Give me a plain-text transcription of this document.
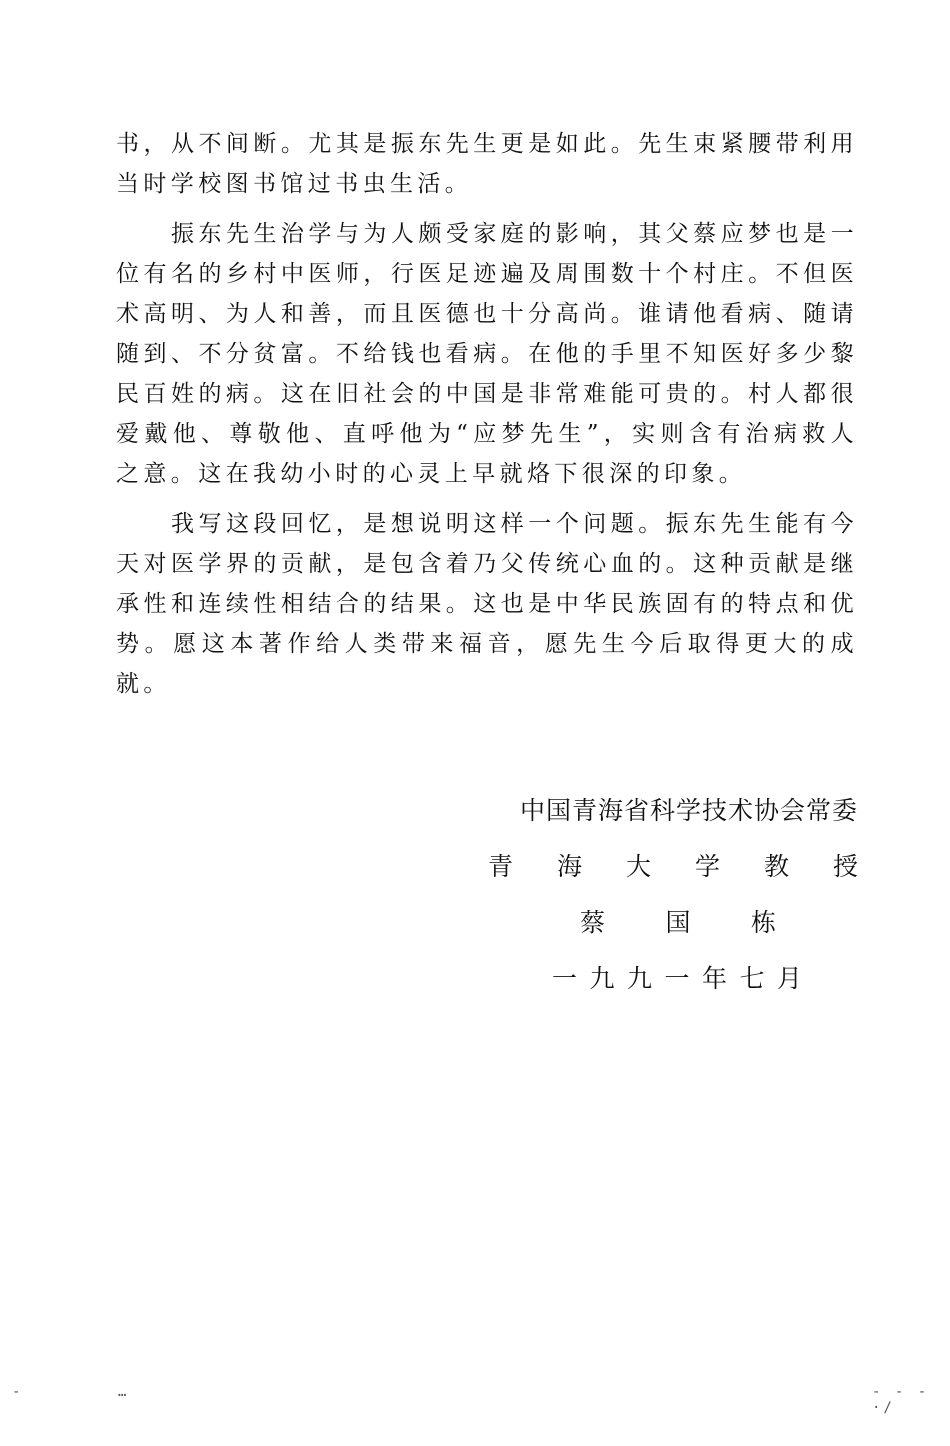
书，从不间断。尤其是振东先生更是如此。先生束紧腰带利用当时学校图书馆过书虫生活。

振东先生治学与为人颇受家庭的影响，其父蔡应梦也是一位有名的乡村中医师，行医足迹遍及周围数十个村庄。不但医术高明、为人和善，而且医德也十分高尚。谁请他看病、随请随到、不分贫富。不给钱也看病。在他的手里不知医好多少黎民百姓的病。这在旧社会的中国是非常难能可贵的。村人都很爱戴他、尊敬他、直呼他为“应梦先生”，实则含有治病救人之意。这在我幼小时的心灵上早就烙下很深的印象。

我写这段回忆，是想说明这样一个问题。振东先生能有今天对医学界的贡献，是包含着乃父传统心血的。这种贡献是继承性和连续性相结合的结果。这也是中华民族固有的特点和优势。愿这本著作给人类带来福音，愿先生今后取得更大的成就。

中国青海省科学技术协会常委
青 海 大 学 教 授
蔡 国 栋
一 九 九 一 年 七 月
-	…	- - - ·/
